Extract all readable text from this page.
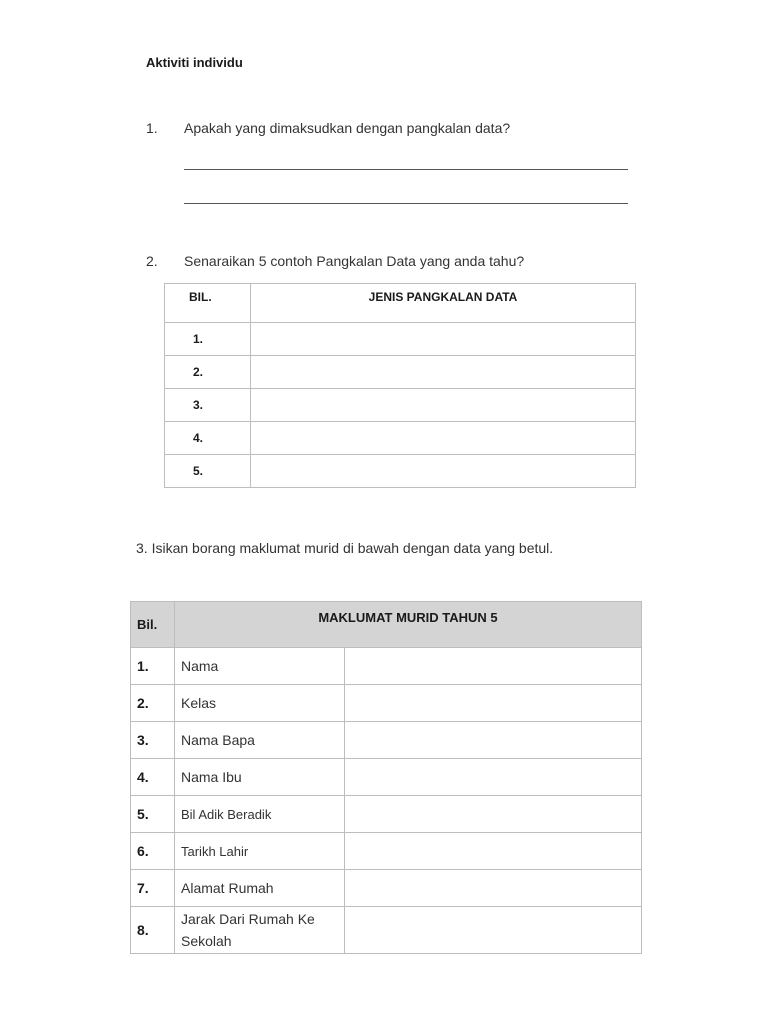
Aktiviti individu
1. Apakah yang dimaksudkan dengan pangkalan data?
2. Senaraikan 5 contoh Pangkalan Data yang anda tahu?
BIL.	JENIS PANGKALAN DATA
1.	
2.	
3.	
4.	
5.	
3. Isikan borang maklumat murid di bawah dengan data yang betul.
Bil.	MAKLUMAT MURID TAHUN 5	
1.	Nama	
2.	Kelas	
3.	Nama Bapa	
4.	Nama Ibu	
5.	Bil Adik Beradik	
6.	Tarikh Lahir	
7.	Alamat Rumah	
8.	Jarak Dari Rumah Ke Sekolah	
